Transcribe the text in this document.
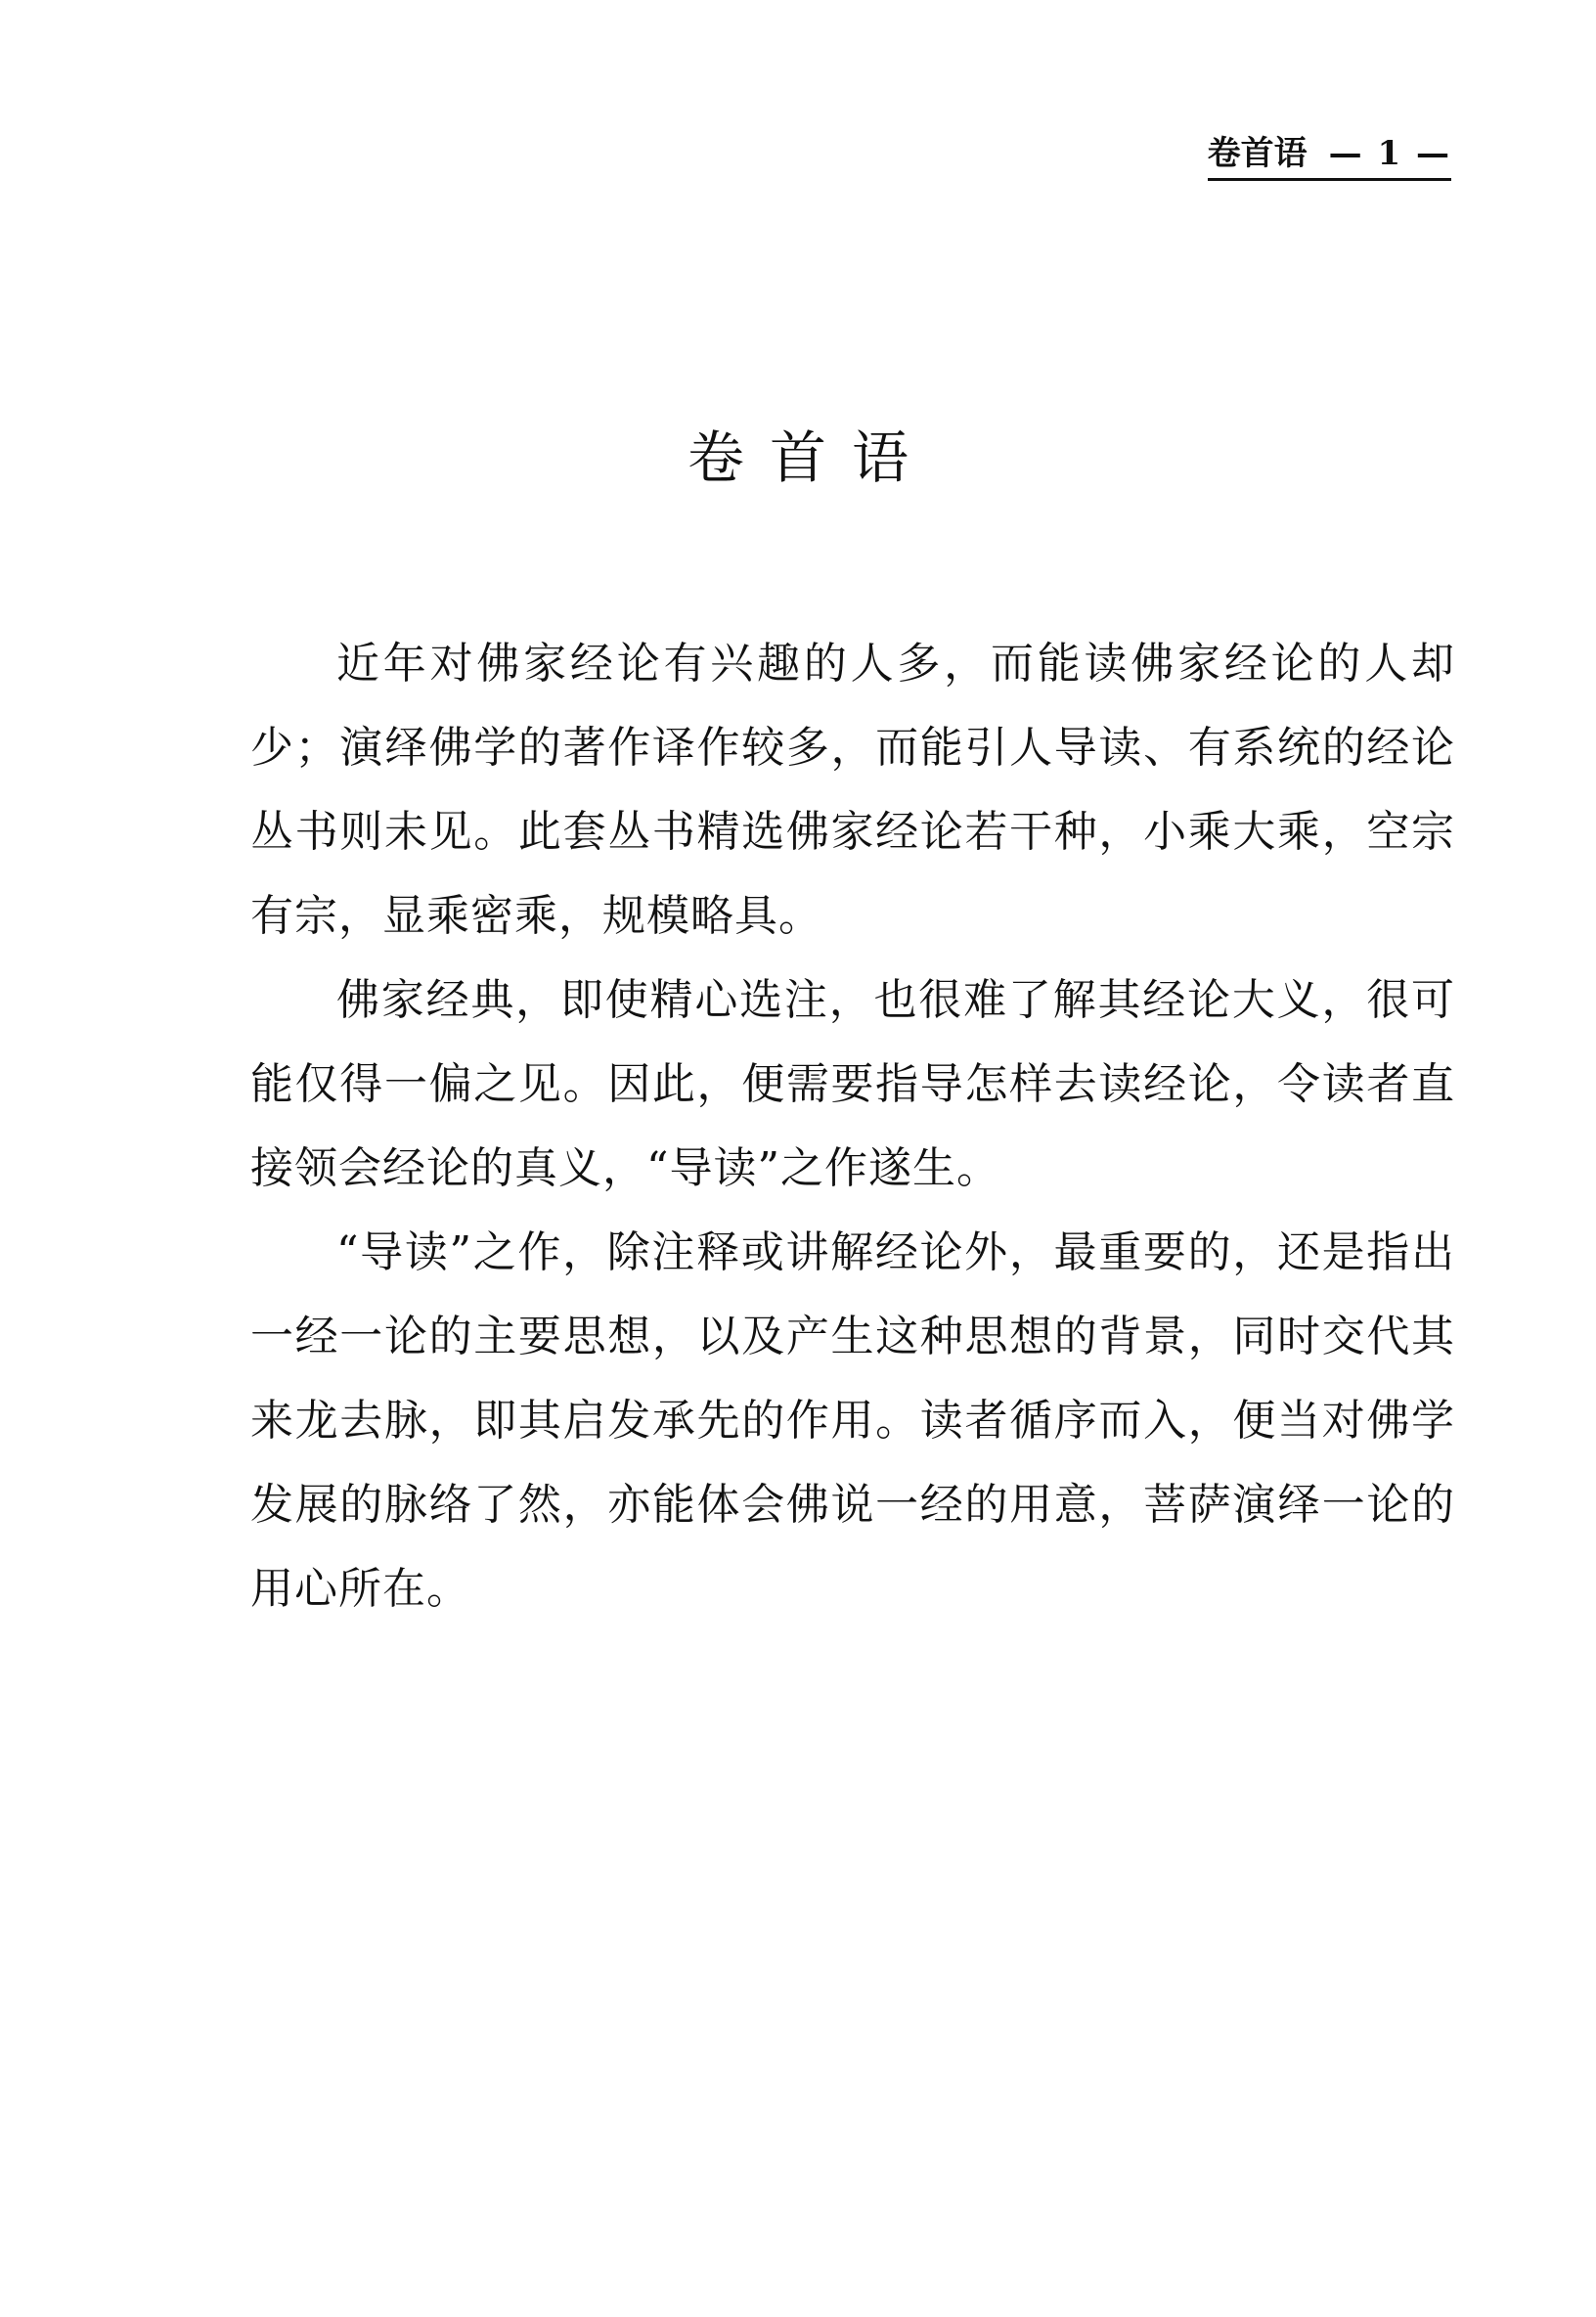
卷首语 — 1 —
卷首语

近年对佛家经论有兴趣的人多，而能读佛家经论的人却少；演绎佛学的著作译作较多，而能引人导读、有系统的经论丛书则未见。此套丛书精选佛家经论若干种，小乘大乘，空宗有宗，显乘密乘，规模略具。

佛家经典，即使精心选注，也很难了解其经论大义，很可能仅得一偏之见。因此，便需要指导怎样去读经论，令读者直接领会经论的真义，“导读”之作遂生。

“导读”之作，除注释或讲解经论外，最重要的，还是指出一经一论的主要思想，以及产生这种思想的背景，同时交代其来龙去脉，即其启发承先的作用。读者循序而入，便当对佛学发展的脉络了然，亦能体会佛说一经的用意，菩萨演绎一论的用心所在。
